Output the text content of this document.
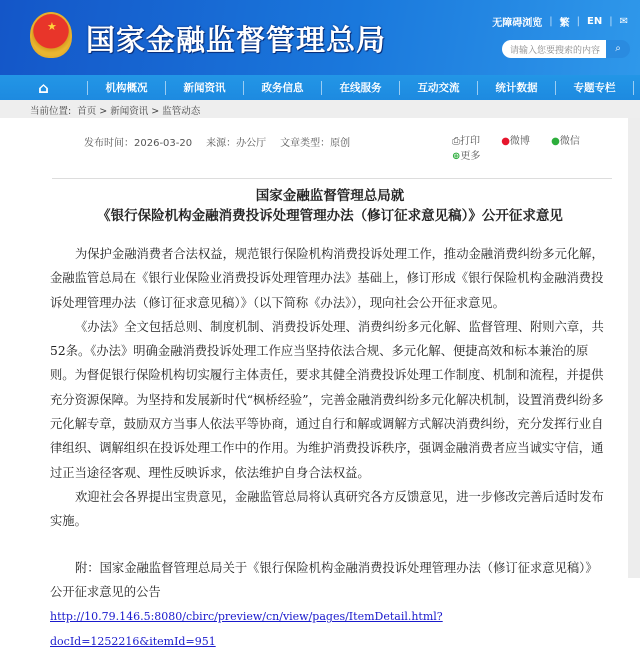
★ 国家金融监督管理总局	无障碍浏览 | 繁 | EN | ✉
请输入您要搜索的内容	⌕
⌂	机构概况	新闻资讯	政务信息	在线服务	互动交流	统计数据	专题专栏
当前位置: 首页 > 新闻资讯 > 监管动态
发布时间：2026-03-20 来源：办公厅 文章类型：原创	⎙打印 ●微博 ●微信 ⊕更多
国家金融监督管理总局就
《银行保险机构金融消费投诉处理管理办法（修订征求意见稿）》公开征求意见

为保护金融消费者合法权益，规范银行保险机构消费投诉处理工作，推动金融消费纠纷多元化解，金融监管总局在《银行业保险业消费投诉处理管理办法》基础上，修订形成《银行保险机构金融消费投诉处理管理办法（修订征求意见稿）》（以下简称《办法》），现向社会公开征求意见。

《办法》全文包括总则、制度机制、消费投诉处理、消费纠纷多元化解、监督管理、附则六章，共52条。《办法》明确金融消费投诉处理工作应当坚持依法合规、多元化解、便捷高效和标本兼治的原则。为督促银行保险机构切实履行主体责任，要求其健全消费投诉处理工作制度、机制和流程，并提供充分资源保障。为坚持和发展新时代“枫桥经验”，完善金融消费纠纷多元化解决机制，设置消费纠纷多元化解专章，鼓励双方当事人依法平等协商，通过自行和解或调解方式解决消费纠纷，充分发挥行业自律组织、调解组织在投诉处理工作中的作用。为维护消费投诉秩序，强调金融消费者应当诚实守信，通过正当途径客观、理性反映诉求，依法维护自身合法权益。

欢迎社会各界提出宝贵意见，金融监管总局将认真研究各方反馈意见，进一步修改完善后适时发布实施。

附：国家金融监督管理总局关于《银行保险机构金融消费投诉处理管理办法（修订征求意见稿）》公开征求意见的公告

http://10.79.146.5:8080/cbirc/preview/cn/view/pages/ItemDetail.html?docId=1252216&itemId=951
